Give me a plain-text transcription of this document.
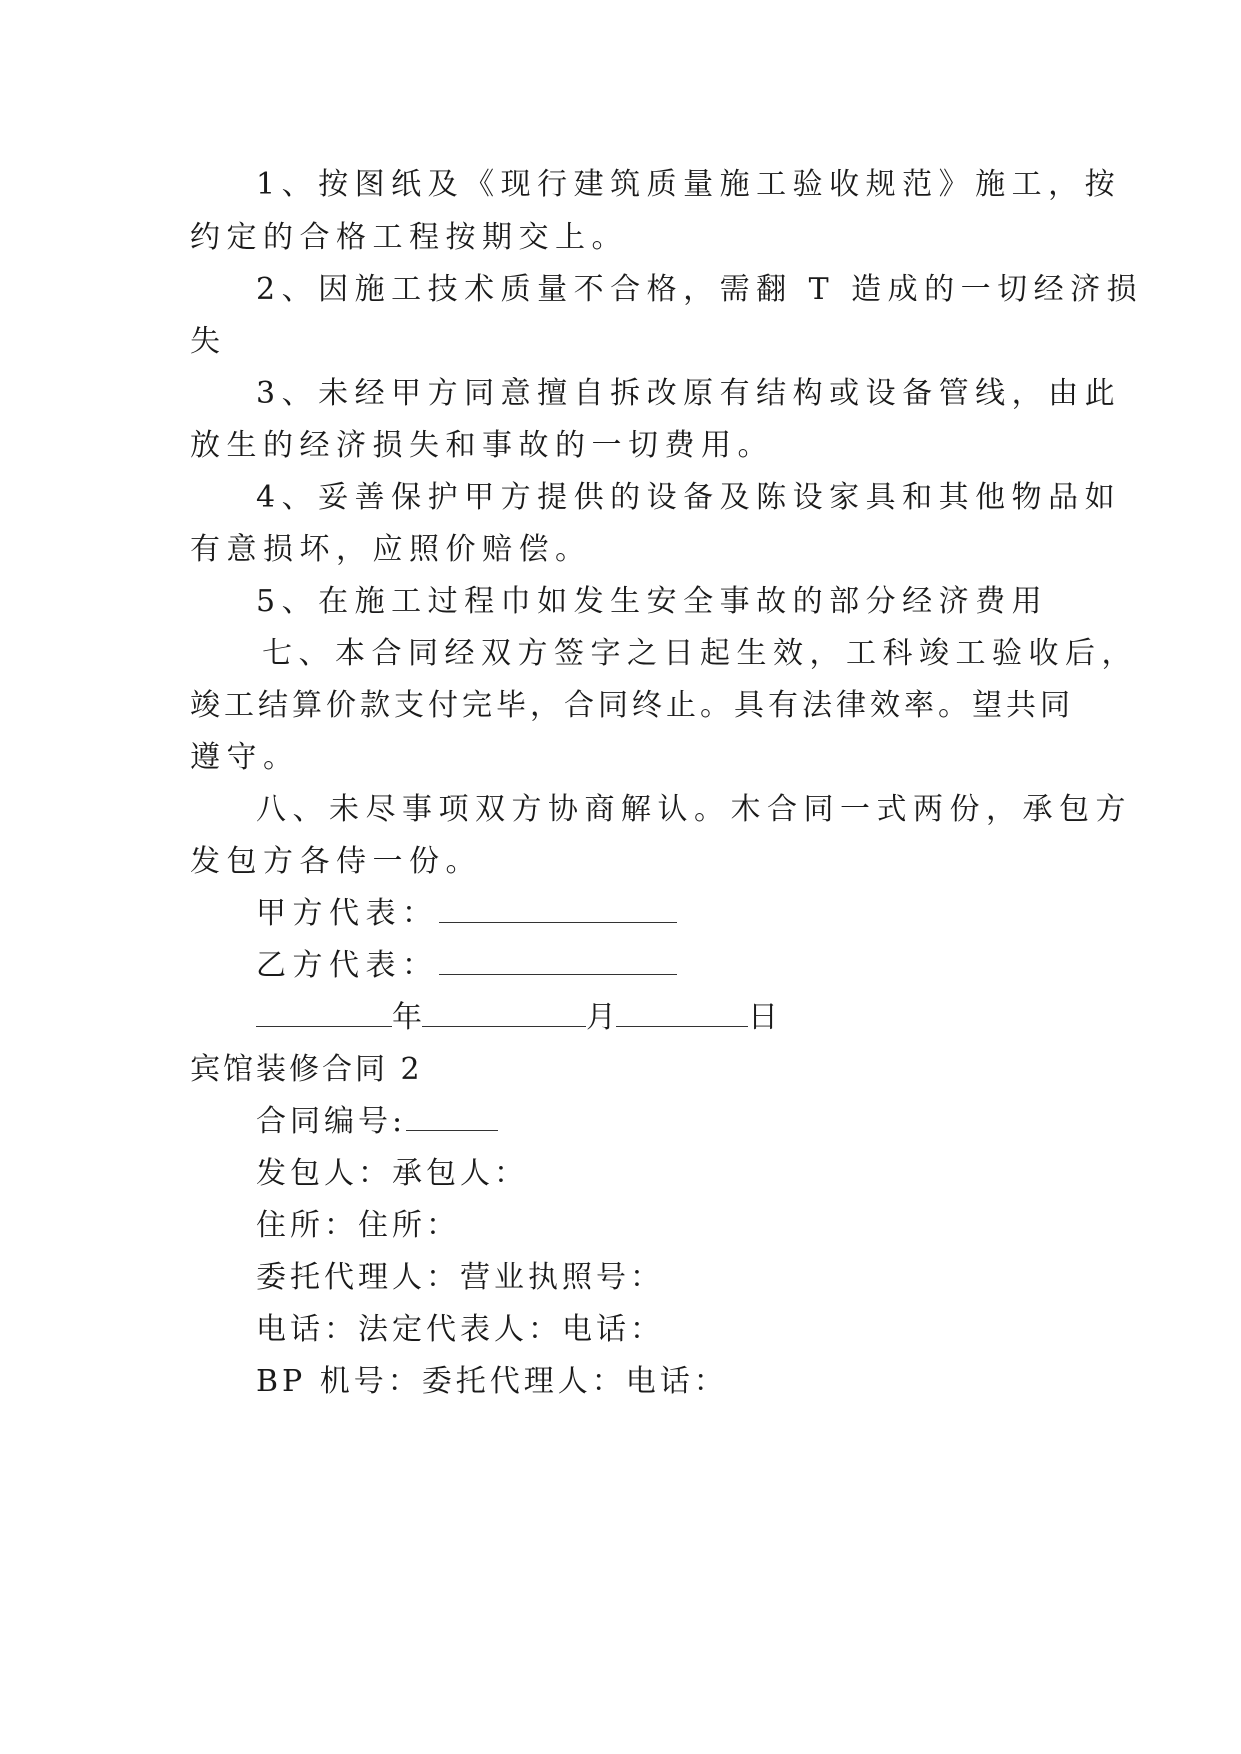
1、按图纸及《现行建筑质量施工验收规范》施工，按
约定的合格工程按期交上。
2、因施工技术质量不合格，需翻 T 造成的一切经济损
失
3、未经甲方同意擅自拆改原有结构或设备管线，由此
放生的经济损失和事故的一切费用。
4、妥善保护甲方提供的设备及陈设家具和其他物品如
有意损坏，应照价赔偿。
5、在施工过程巾如发生安全事故的部分经济费用
七、本合同经双方签字之日起生效，工科竣工验收后，
竣工结算价款支付完毕，合同终止。具有法律效率。望共同
遵守。
八、未尽事项双方协商解认。木合同一式两份，承包方
发包方各侍一份。
甲方代表：
乙方代表：
年	月	日
宾馆装修合同 2
合同编号:
发包人：承包人：
住所：住所：
委托代理人：营业执照号：
电话：法定代表人：电话：
BP 机号：委托代理人：电话：
